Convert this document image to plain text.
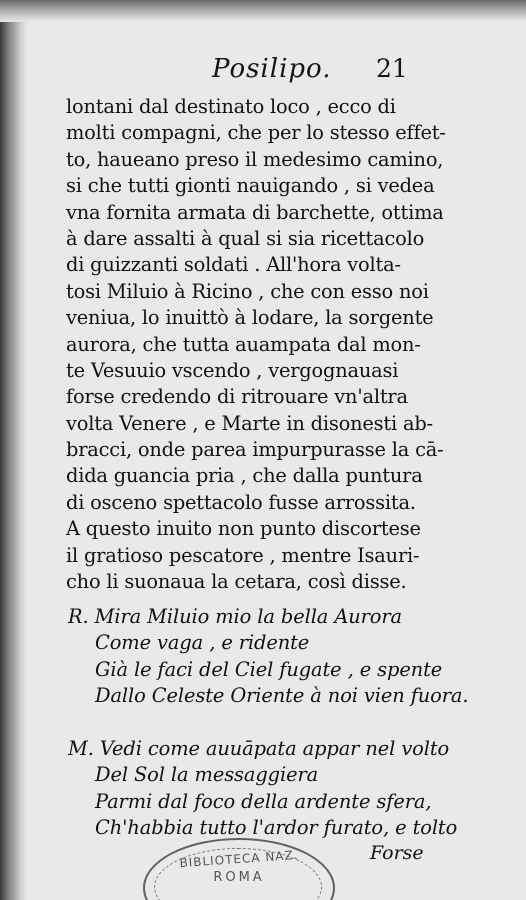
Posilipo. 21
lontani dal destinato loco , ecco di
molti compagni, che per lo stesso effet-
to, haueano preso il medesimo camino,
si che tutti gionti nauigando , si vedea
vna fornita armata di barchette, ottima
à dare assalti à qual si sia ricettacolo
di guizzanti soldati . All'hora volta-
tosi Miluio à Ricino , che con esso noi
veniua, lo inuittò à lodare, la sorgente
aurora, che tutta auampata dal mon-
te Vesuuio vscendo , vergognauasi
forse credendo di ritrouare vn'altra
volta Venere , e Marte in disonesti ab-
bracci, onde parea impurpurasse la cā-
dida guancia pria , che dalla puntura
di osceno spettacolo fusse arrossita.
A questo inuito non punto discortese
il gratioso pescatore , mentre Isauri-
cho li suonaua la cetara, così disse.
R. Mira Miluio mio la bella Aurora
Come vaga , e ridente
Già le faci del Ciel fugate , e spente
Dallo Celeste Oriente à noi vien fuora.
M. Vedi come auuāpata appar nel volto
Del Sol la messaggiera
Parmi dal foco della ardente sfera,
Ch'habbia tutto l'ardor furato, e tolto
Forse
BIBLIOTECA NAZ.
ROMA
